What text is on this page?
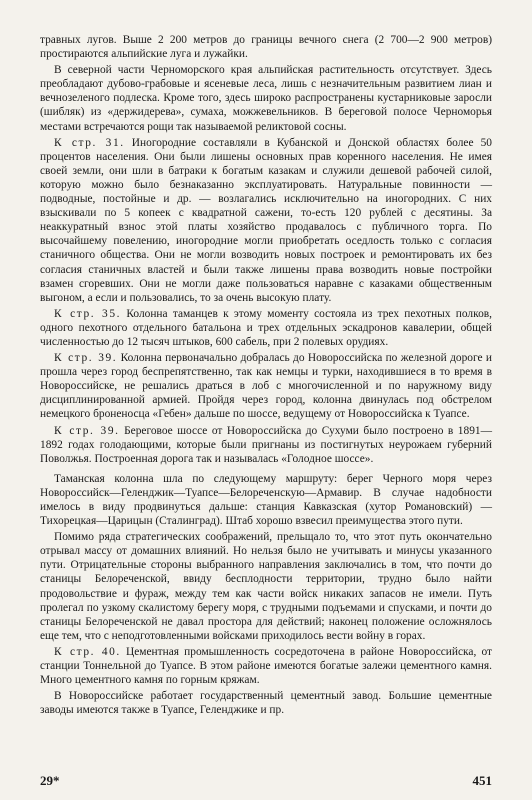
травных лугов. Выше 2 200 метров до границы вечного снега (2 700—2 900 метров) простираются альпийские луга и лужайки.

В северной части Черноморского края альпийская растительность отсутствует. Здесь преобладают дубово-грабовые и ясеневые леса, лишь с незначительным развитием лиан и вечнозеленого подлеска. Кроме того, здесь широко распространены кустарниковые заросли (шибляк) из «держидерева», сумаха, можжевельников. В береговой полосе Черноморья местами встречаются рощи так называемой реликтовой сосны.

К стр. 31. Иногородние составляли в Кубанской и Донской областях более 50 процентов населения. Они были лишены основных прав коренного населения. Не имея своей земли, они шли в батраки к богатым казакам и служили дешевой рабочей силой, которую можно было безнаказанно эксплуатировать. Натуральные повинности — подводные, постойные и др. — возлагались исключительно на иногородних. С них взыскивали по 5 копеек с квадратной сажени, то-есть 120 рублей с десятины. За неаккуратный взнос этой платы хозяйство продавалось с публичного торга. По высочайшему повелению, иногородние могли приобретать оседлость только с согласия станичного общества. Они не могли возводить новых построек и ремонтировать их без согласия станичных властей и были также лишены права возводить новые постройки взамен сгоревших. Они не могли даже пользоваться наравне с казаками общественным выгоном, а если и пользовались, то за очень высокую плату.

К стр. 35. Колонна таманцев к этому моменту состояла из трех пехотных полков, одного пехотного отдельного батальона и трех отдельных эскадронов кавалерии, общей численностью до 12 тысяч штыков, 600 сабель, при 2 полевых орудиях.

К стр. 39. Колонна первоначально добралась до Новороссийска по железной дороге и прошла через город беспрепятственно, так как немцы и турки, находившиеся в то время в Новороссийске, не решались драться в лоб с многочисленной и по наружному виду дисциплинированной армией. Пройдя через город, колонна двинулась под обстрелом немецкого броненосца «Гебен» дальше по шоссе, ведущему от Новороссийска к Туапсе.

К стр. 39. Береговое шоссе от Новороссийска до Сухуми было построено в 1891—1892 годах голодающими, которые были пригнаны из постигнутых неурожаем губерний Поволжья. Построенная дорога так и называлась «Голодное шоссе».

Таманская колонна шла по следующему маршруту: берег Черного моря через Новороссийск—Геленджик—Туапсе—Белореченскую—Армавир. В случае надобности имелось в виду продвинуться дальше: станция Кавказская (хутор Романовский) — Тихорецкая—Царицын (Сталинград). Штаб хорошо взвесил преимущества этого пути.

Помимо ряда стратегических соображений, прельщало то, что этот путь окончательно отрывал массу от домашних влияний. Но нельзя было не учитывать и минусы указанного пути. Отрицательные стороны выбранного направления заключались в том, что почти до станицы Белореченской, ввиду бесплодности территории, трудно было найти продовольствие и фураж, между тем как части войск никаких запасов не имели. Путь пролегал по узкому скалистому берегу моря, с трудными подъемами и спусками, и почти до станицы Белореченской не давал простора для действий; наконец положение осложнялось еще тем, что с неподготовленными войсками приходилось вести войну в горах.

К стр. 40. Цементная промышленность сосредоточена в районе Новороссийска, от станции Тоннельной до Туапсе. В этом районе имеются богатые залежи цементного камня. Много цементного камня по горным кряжам.

В Новороссийске работает государственный цементный завод. Большие цементные заводы имеются также в Туапсе, Геленджике и пр.

29*	451
